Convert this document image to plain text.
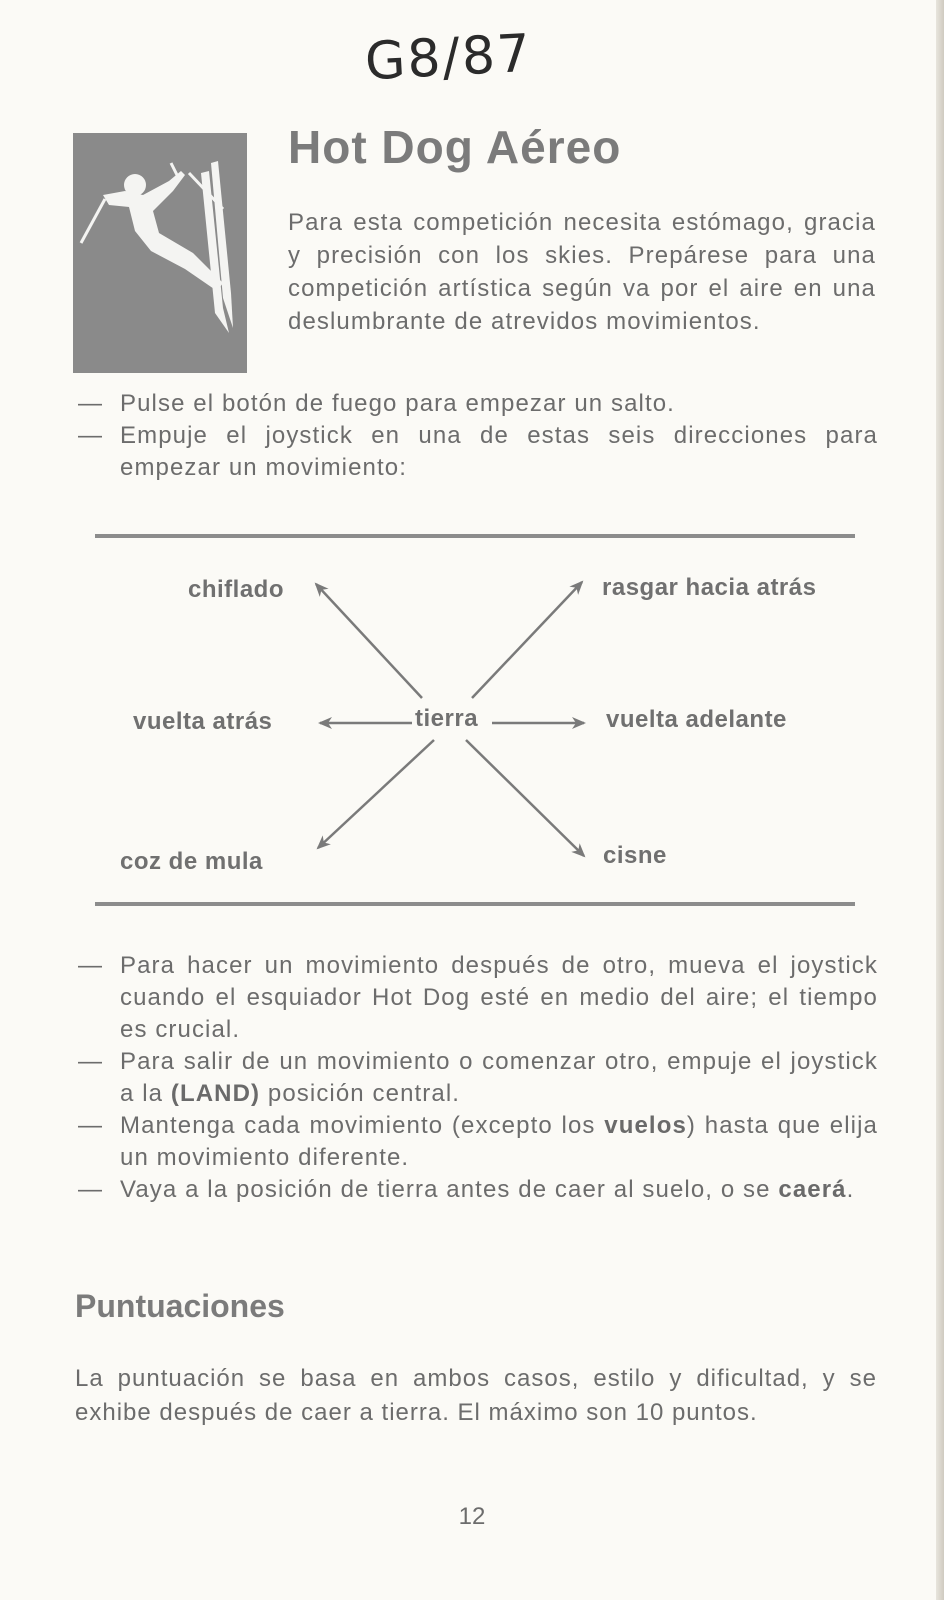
G8/87
Hot Dog Aéreo

Para esta competición necesita estómago, gracia y precisión con los skies. Prepárese para una competición artística según va por el aire en una deslumbrante de atrevidos movimientos.

— Pulse el botón de fuego para empezar un salto.
— Empuje el joystick en una de estas seis direcciones para empezar un movimiento:
chiflado	rasgar hacia atrás
vuelta atrás	tierra	vuelta adelante
coz de mula	cisne
— Para hacer un movimiento después de otro, mueva el joystick cuando el esquiador Hot Dog esté en medio del aire; el tiempo es crucial.
— Para salir de un movimiento o comenzar otro, empuje el joystick a la (LAND) posición central.
— Mantenga cada movimiento (excepto los vuelos) hasta que elija un movimiento diferente.
— Vaya a la posición de tierra antes de caer al suelo, o se caerá.
Puntuaciones

La puntuación se basa en ambos casos, estilo y dificultad, y se exhibe después de caer a tierra. El máximo son 10 puntos.

12
